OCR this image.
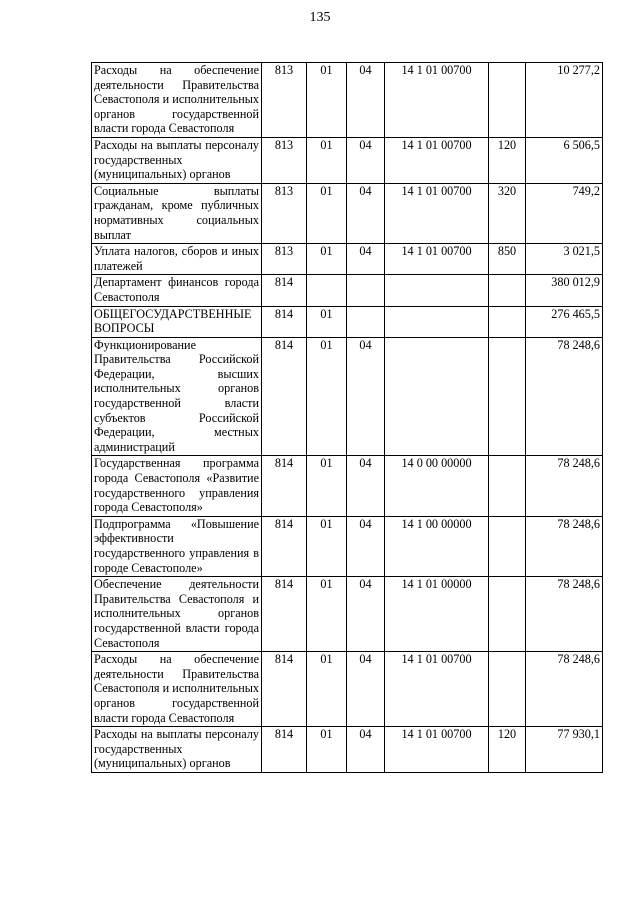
135
Расходы на обеспечение деятельности Правительства Севастополя и исполнительных органов государственной власти города Севастополя	813	01	04	14 1 01 00700		10 277,2
Расходы на выплаты персоналу государственных (муниципальных) органов	813	01	04	14 1 01 00700	120	6 506,5
Социальные выплаты гражданам, кроме публичных нормативных социальных выплат	813	01	04	14 1 01 00700	320	749,2
Уплата налогов, сборов и иных платежей	813	01	04	14 1 01 00700	850	3 021,5
Департамент финансов города Севастополя	814					380 012,9
ОБЩЕГОСУДАРСТВЕННЫЕ ВОПРОСЫ	814	01				276 465,5
Функционирование Правительства Российской Федерации, высших исполнительных органов государственной власти субъектов Российской Федерации, местных администраций	814	01	04			78 248,6
Государственная программа города Севастополя «Развитие государственного управления города Севастополя»	814	01	04	14 0 00 00000		78 248,6
Подпрограмма «Повышение эффективности государственного управления в городе Севастополе»	814	01	04	14 1 00 00000		78 248,6
Обеспечение деятельности Правительства Севастополя и исполнительных органов государственной власти города Севастополя	814	01	04	14 1 01 00000		78 248,6
Расходы на обеспечение деятельности Правительства Севастополя и исполнительных органов государственной власти города Севастополя	814	01	04	14 1 01 00700		78 248,6
Расходы на выплаты персоналу государственных (муниципальных) органов	814	01	04	14 1 01 00700	120	77 930,1
